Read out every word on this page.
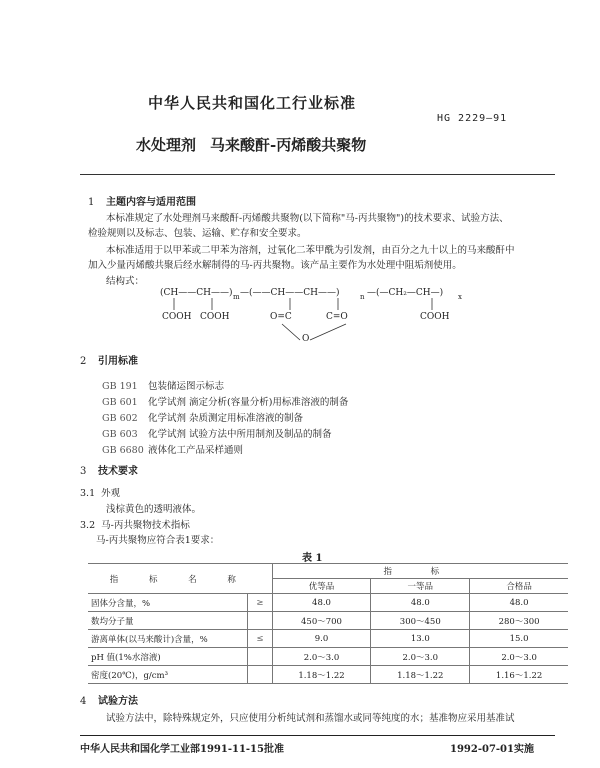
中华人民共和国化工行业标准
HG 2229—91
水处理剂 马来酸酐-丙烯酸共聚物
1 主题内容与适用范围
本标准规定了水处理剂马来酸酐-丙烯酸共聚物(以下简称"马-丙共聚物")的技术要求、试验方法、
检验规则以及标志、包装、运输、贮存和安全要求。
本标准适用于以甲苯或二甲苯为溶剂，过氧化二苯甲酰为引发剂，由百分之九十以上的马来酸酐中
加入少量丙烯酸共聚后经水解制得的马-丙共聚物。该产品主要作为水处理中阻垢剂使用。
结构式：
(CH——CH——) m —(——CH——CH——)	n —(—CH₂—CH—) x
COOH COOH	O=C	C=O
O
COOH
2 引用标准
GB 191 包装储运图示标志
GB 601 化学试剂 滴定分析(容量分析)用标准溶液的制备
GB 602 化学试剂 杂质测定用标准溶液的制备
GB 603 化学试剂 试验方法中所用制剂及制品的制备
GB 6680 液体化工产品采样通则
3 技术要求
3.1 外观
浅棕黄色的透明液体。
3.2 马-丙共聚物技术指标
马-丙共聚物应符合表1要求：
表 1
指 标 名 称		指 标		
		优等品	一等品	合格品
固体分含量，%	≥	48.0	48.0	48.0
数均分子量		450～700	300～450	280～300
游离单体(以马来酸计)含量，%	≤	9.0	13.0	15.0
pH 值(1%水溶液)		2.0～3.0	2.0～3.0	2.0～3.0
密度(20℃)，g/cm³		1.18～1.22	1.18～1.22	1.16～1.22
4 试验方法
试验方法中，除特殊规定外，只应使用分析纯试剂和蒸馏水或同等纯度的水；基准物应采用基准试
中华人民共和国化学工业部1991-11-15批准	1992-07-01实施
